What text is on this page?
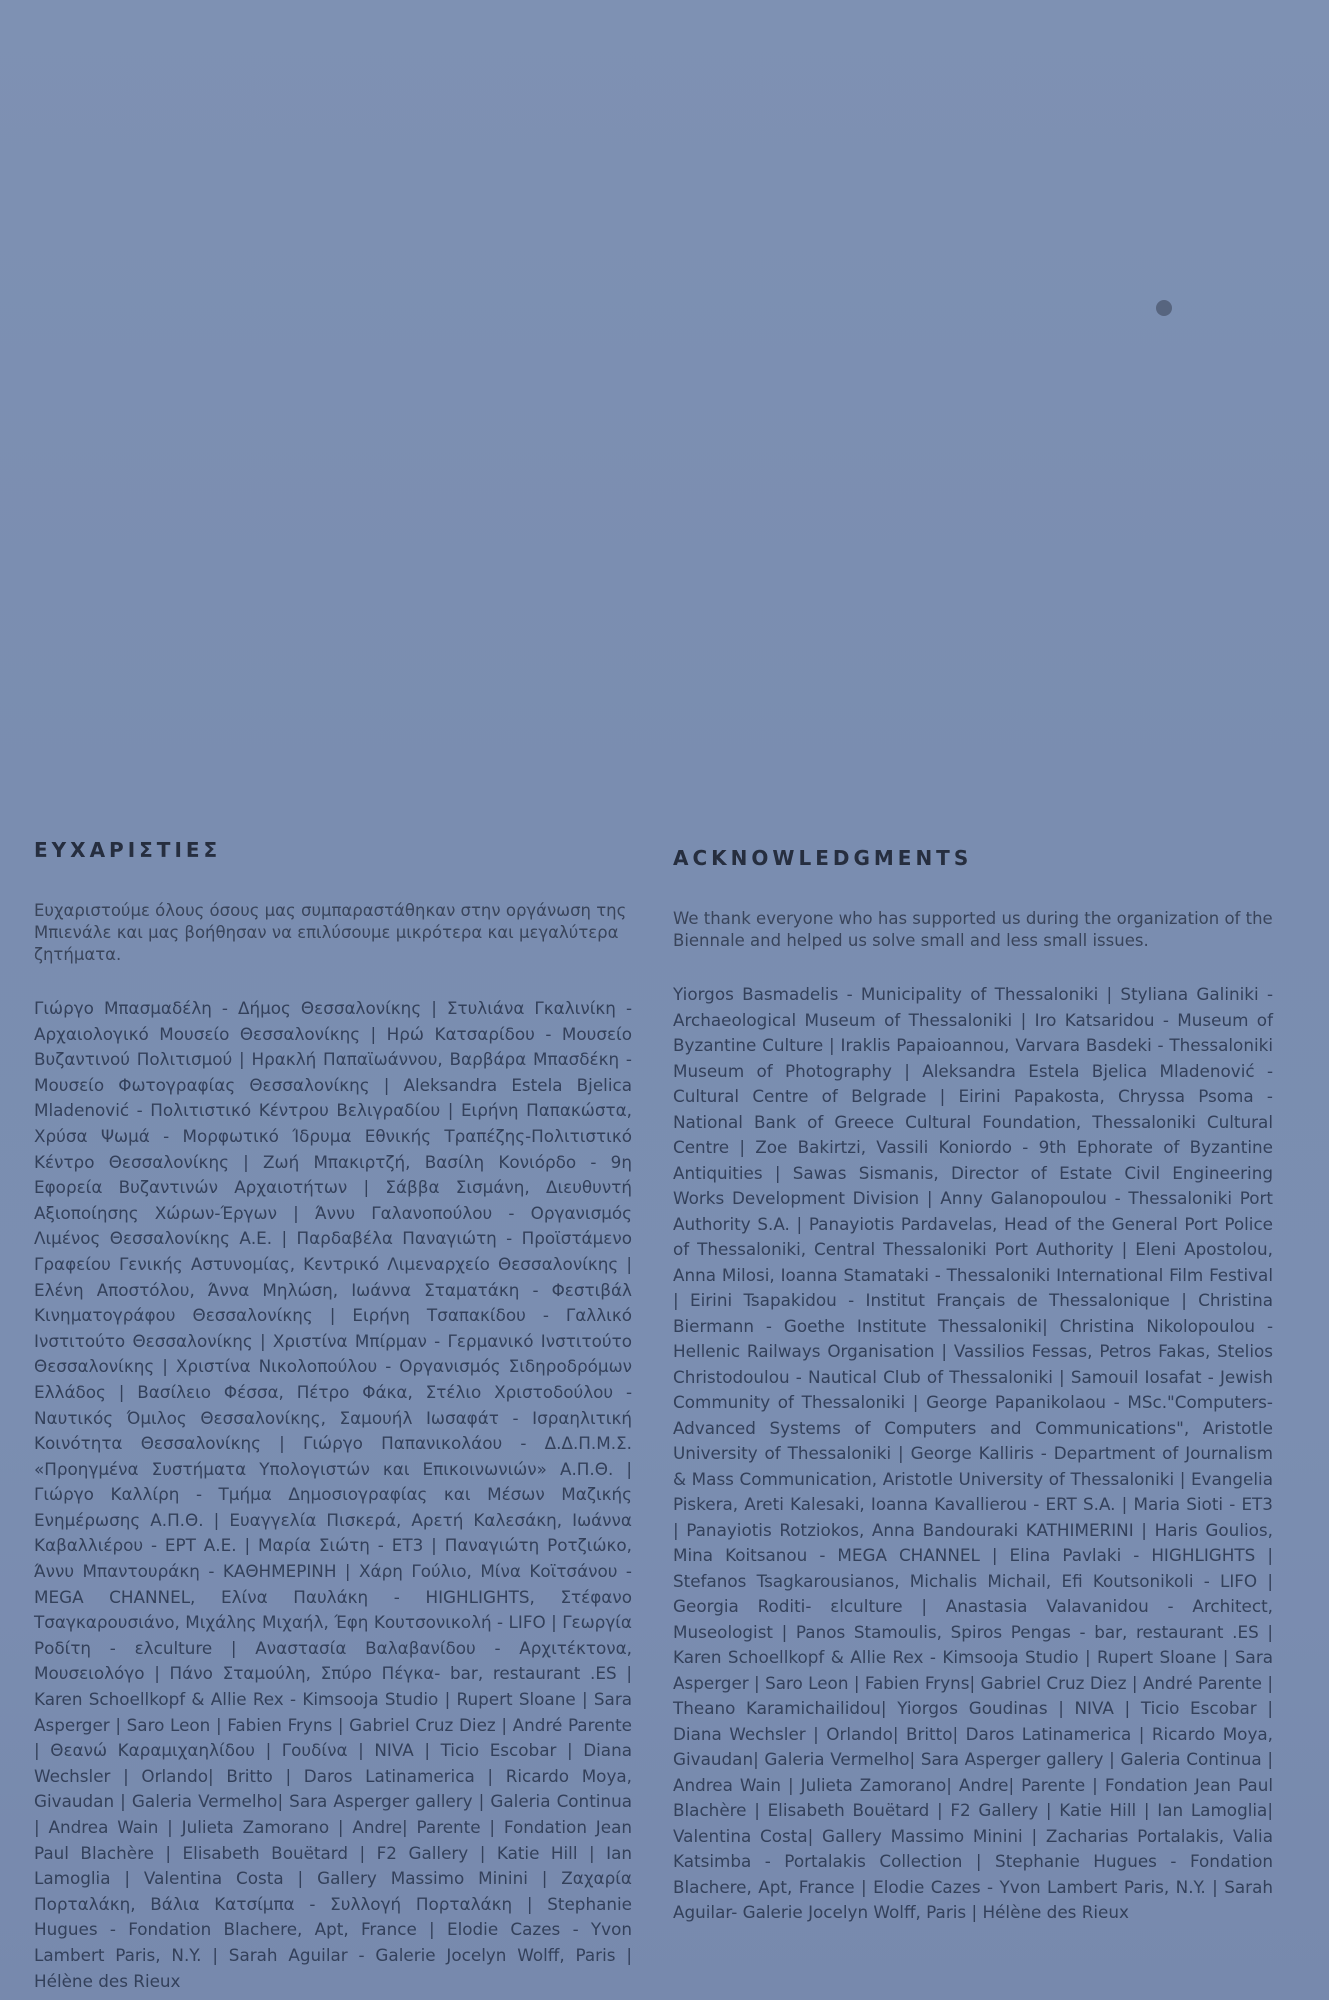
ΕΥΧΑΡΙΣΤΙΕΣ

Ευχαριστούμε όλους όσους μας συμπαραστάθηκαν στην οργάνωση της Μπιενάλε και μας βοήθησαν να επιλύσουμε μικρότερα και μεγαλύτερα ζητήματα.

Γιώργο Μπασμαδέλη - Δήμος Θεσσαλονίκης | Στυλιάνα Γκαλινίκη - Αρχαιολογικό Μουσείο Θεσσαλονίκης | Ηρώ Κατσαρίδου - Μουσείο Βυζαντινού Πολιτισμού | Ηρακλή Παπαϊωάννου, Βαρβάρα Μπασδέκη - Μουσείο Φωτογραφίας Θεσσαλονίκης | Aleksandra Estela Bjelica Mladenović - Πολιτιστικό Κέντρου Βελιγραδίου | Ειρήνη Παπακώστα, Χρύσα Ψωμά - Μορφωτικό Ίδρυμα Εθνικής Τραπέζης-Πολιτιστικό Κέντρο Θεσσαλονίκης | Ζωή Μπακιρτζή, Βασίλη Κονιόρδο - 9η Εφορεία Βυζαντινών Αρχαιοτήτων | Σάββα Σισμάνη, Διευθυντή Αξιοποίησης Χώρων-Έργων | Άννυ Γαλανοπούλου - Οργανισμός Λιμένος Θεσσαλονίκης Α.Ε. | Παρδαβέλα Παναγιώτη - Προϊστάμενο Γραφείου Γενικής Αστυνομίας, Κεντρικό Λιμεναρχείο Θεσσαλονίκης | Ελένη Αποστόλου, Άννα Μηλώση, Ιωάννα Σταματάκη - Φεστιβάλ Κινηματογράφου Θεσσαλονίκης | Ειρήνη Τσαπακίδου - Γαλλικό Ινστιτούτο Θεσσαλονίκης | Χριστίνα Μπίρμαν - Γερμανικό Ινστιτούτο Θεσσαλονίκης | Χριστίνα Νικολοπούλου - Οργανισμός Σιδηροδρόμων Ελλάδος | Βασίλειο Φέσσα, Πέτρο Φάκα, Στέλιο Χριστοδούλου - Ναυτικός Όμιλος Θεσσαλονίκης, Σαμουήλ Ιωσαφάτ - Ισραηλιτική Κοινότητα Θεσσαλονίκης | Γιώργο Παπανικολάου - Δ.Δ.Π.Μ.Σ. «Προηγμένα Συστήματα Υπολογιστών και Επικοινωνιών» Α.Π.Θ. | Γιώργο Καλλίρη - Τμήμα Δημοσιογραφίας και Μέσων Μαζικής Ενημέρωσης Α.Π.Θ. | Ευαγγελία Πισκερά, Αρετή Καλεσάκη, Ιωάννα Καβαλλιέρου - ΕΡΤ Α.Ε. | Μαρία Σιώτη - ΕΤ3 | Παναγιώτη Ροτζιώκο, Άννυ Μπαντουράκη - ΚΑΘΗΜΕΡΙΝΗ | Χάρη Γούλιο, Μίνα Κοϊτσάνου - MEGA CHANNEL, Ελίνα Παυλάκη - HIGHLIGHTS, Στέφανο Τσαγκαρουσιάνο, Μιχάλης Μιχαήλ, Έφη Κουτσονικολή - LIFO | Γεωργία Ροδίτη - ελculture | Αναστασία Βαλαβανίδου - Αρχιτέκτονα, Μουσειολόγο | Πάνο Σταμούλη, Σπύρο Πέγκα- bar, restaurant .ES | Karen Schoellkopf & Allie Rex - Kimsooja Studio | Rupert Sloane | Sara Asperger | Saro Leon | Fabien Fryns | Gabriel Cruz Diez | André Parente | Θεανώ Καραμιχαηλίδου | Γουδίνα | NIVA | Ticio Escobar | Diana Wechsler | Orlandо| Britto | Daros Latinamerica | Ricardo Moya, Givaudan | Galeria Vermelho| Sara Asperger gallery | Galeria Continua | Andrea Wain | Julieta Zamorano | Andre| Parente | Fondation Jean Paul Blachère | Elisabeth Bouëtard | F2 Gallery | Katie Hill | Ian Lamoglia | Valentina Costa | Gallery Massimo Minini | Ζαχαρία Πορταλάκη, Βάλια Κατσίμπα - Συλλογή Πορταλάκη | Stephanie Hugues - Fondation Blachere, Apt, France | Elodie Cazes - Yvon Lambert Paris, N.Y. | Sarah Aguilar - Galerie Jocelyn Wolff, Paris | Hélène des Rieux

ACKNOWLEDGMENTS

We thank everyone who has supported us during the organization of the Biennale and helped us solve small and less small issues.

Yiorgos Basmadelis - Municipality of Thessaloniki | Styliana Galiniki - Archaeological Museum of Thessaloniki | Iro Katsaridou - Museum of Byzantine Culture | Iraklis Papaioannou, Varvara Basdeki - Thessaloniki Museum of Photography | Aleksandra Estela Bjelica Mladenović - Cultural Centre of Belgrade | Eirini Papakosta, Chryssa Psoma - National Bank of Greece Cultural Foundation, Thessaloniki Cultural Centre | Zoe Bakirtzi, Vassili Koniordo - 9th Ephorate of Byzantine Antiquities | Sawas Sismanis, Director of Estate Civil Engineering Works Development Division | Anny Galanopoulou - Thessaloniki Port Authority S.A. | Panayiotis Pardavelas, Head of the General Port Police of Thessaloniki, Central Thessaloniki Port Authority | Eleni Apostolou, Anna Milosi, Ioanna Stamataki - Thessaloniki International Film Festival | Eirini Tsapakidou - Institut Français de Thessalonique | Christina Biermann - Goethe Institute Thessaloniki| Christina Nikolopoulou - Hellenic Railways Organisation | Vassilios Fessas, Petros Fakas, Stelios Christodoulou - Nautical Club of Thessaloniki | Samouil Iosafat - Jewish Community of Thessaloniki | George Papanikolaou - MSc."Computers-Advanced Systems of Computers and Communications", Aristotle University of Thessaloniki | George Kalliris - Department of Journalism & Mass Communication, Aristotle University of Thessaloniki | Evangelia Piskera, Areti Kalesaki, Ioanna Kavallierou - ERT S.A. | Maria Sioti - ET3 | Panayiotis Rotziokos, Anna Bandouraki KATHIMERINI | Haris Goulios, Mina Koitsanou - MEGA CHANNEL | Elina Pavlaki - HIGHLIGHTS | Stefanos Tsagkarousianos, Michalis Michail, Efi Koutsonikoli - LIFO | Georgia Roditi- εlculture | Anastasia Valavanidou - Architect, Museologist | Panos Stamoulis, Spiros Pengas - bar, restaurant .ES | Karen Schoellkopf & Allie Rex - Kimsooja Studio | Rupert Sloane | Sara Asperger | Saro Leon | Fabien Fryns| Gabriel Cruz Diez | André Parente | Theano Karamichailidou| Yiorgos Goudinas | NIVA | Ticio Escobar | Diana Wechsler | Orlando| Britto| Daros Latinamerica | Ricardo Moya, Givaudan| Galeria Vermelho| Sara Asperger gallery | Galeria Continua | Andrea Wain | Julieta Zamorano| Andre| Parente | Fondation Jean Paul Blachère | Elisabeth Bouëtard | F2 Gallery | Katie Hill | Ian Lamoglia| Valentina Costa| Gallery Massimo Minini | Zacharias Portalakis, Valia Katsimba - Portalakis Collection | Stephanie Hugues - Fondation Blachere, Apt, France | Elodie Cazes - Yvon Lambert Paris, N.Y. | Sarah Aguilar- Galerie Jocelyn Wolff, Paris | Hélène des Rieux
